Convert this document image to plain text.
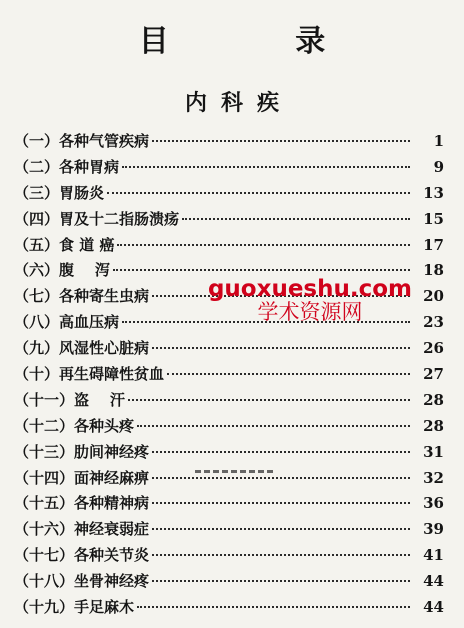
目 录
内科疾
（一） 各种气管疾病	1
（二） 各种胃病	9
（三） 胃肠炎	13
（四） 胃及十二指肠溃疡	15
（五） 食 道 癌	17
（六） 腹    泻	18
（七） 各种寄生虫病	20
（八） 高血压病	23
（九） 风湿性心脏病	26
（十） 再生碍障性贫血	27
（十一） 盗    汗	28
（十二） 各种头疼	28
（十三） 肋间神经疼	31
（十四） 面神经麻痹	32
（十五） 各种精神病	36
（十六） 神经衰弱症	39
（十七） 各种关节炎	41
（十八） 坐骨神经疼	44
（十九） 手足麻木	44
guoxueshu.com
学术资源网
